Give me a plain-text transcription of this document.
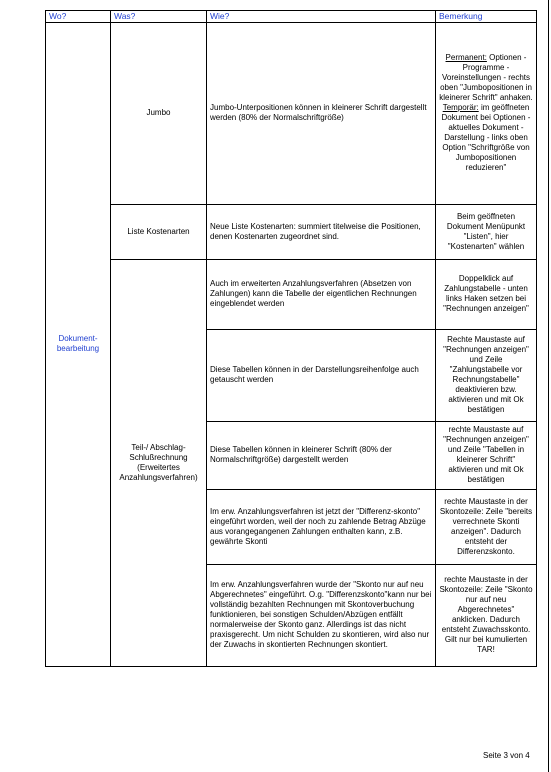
Wo?	Was?	Wie?	Bemerkung
Dokument-
bearbeitung	Jumbo	Jumbo-Unterpositionen können in kleinerer Schrift dargestellt werden (80% der Normalschriftgröße)	Permanent: Optionen - Programme - Voreinstellungen - rechts oben "Jumbopositionen in kleinerer Schrift" anhaken.
Temporär: im geöffneten Dokument bei Optionen - aktuelles Dokument - Darstellung - links oben Option "Schriftgröße von Jumbopositionen reduzieren"
	Liste Kostenarten	Neue Liste Kostenarten: summiert titelweise die Positionen, denen Kostenarten zugeordnet sind.	Beim geöffneten Dokument Menüpunkt "Listen", hier "Kostenarten" wählen
	Teil-/ Abschlag-
Schlußrechnung
(Erweitertes
Anzahlungsverfahren)	Auch im erweiterten Anzahlungsverfahren (Absetzen von Zahlungen) kann die Tabelle der eigentlichen Rechnungen eingeblendet werden	Doppelklick auf Zahlungstabelle - unten links Haken setzen bei "Rechnungen anzeigen"
		Diese Tabellen können in der Darstellungsreihenfolge auch getauscht werden	Rechte Maustaste auf "Rechnungen anzeigen" und Zeile "Zahlungstabelle vor Rechnungstabelle" deaktivieren bzw. aktivieren und mit Ok bestätigen
		Diese Tabellen können in kleinerer Schrift (80% der Normalschriftgröße) dargestellt werden	rechte Maustaste auf "Rechnungen anzeigen" und Zeile "Tabellen in kleinerer Schrift" aktivieren und mit Ok bestätigen
		Im erw. Anzahlungsverfahren ist jetzt der "Differenz-skonto" eingeführt worden, weil der noch zu zahlende Betrag Abzüge aus vorangegangenen Zahlungen enthalten kann, z.B. gewährte Skonti	rechte Maustaste in der Skontozeile: Zeile "bereits verrechnete Skonti anzeigen". Dadurch entsteht der Differenzskonto.
		Im erw. Anzahlungsverfahren wurde der "Skonto nur auf neu Abgerechnetes" eingeführt. O.g. "Differenzskonto"kann nur bei vollständig bezahlten Rechnungen mit Skontoverbuchung funktionieren, bei sonstigen Schulden/Abzügen entfällt normalerweise der Skonto ganz. Allerdings ist das nicht praxisgerecht. Um nicht Schulden zu skontieren, wird also nur der Zuwachs in skontierten Rechnungen skontiert.	rechte Maustaste in der Skontozeile: Zeile "Skonto nur auf neu Abgerechnetes" anklicken. Dadurch entsteht Zuwachsskonto. Gilt nur bei kumulierten TAR!
Seite 3 von 4
